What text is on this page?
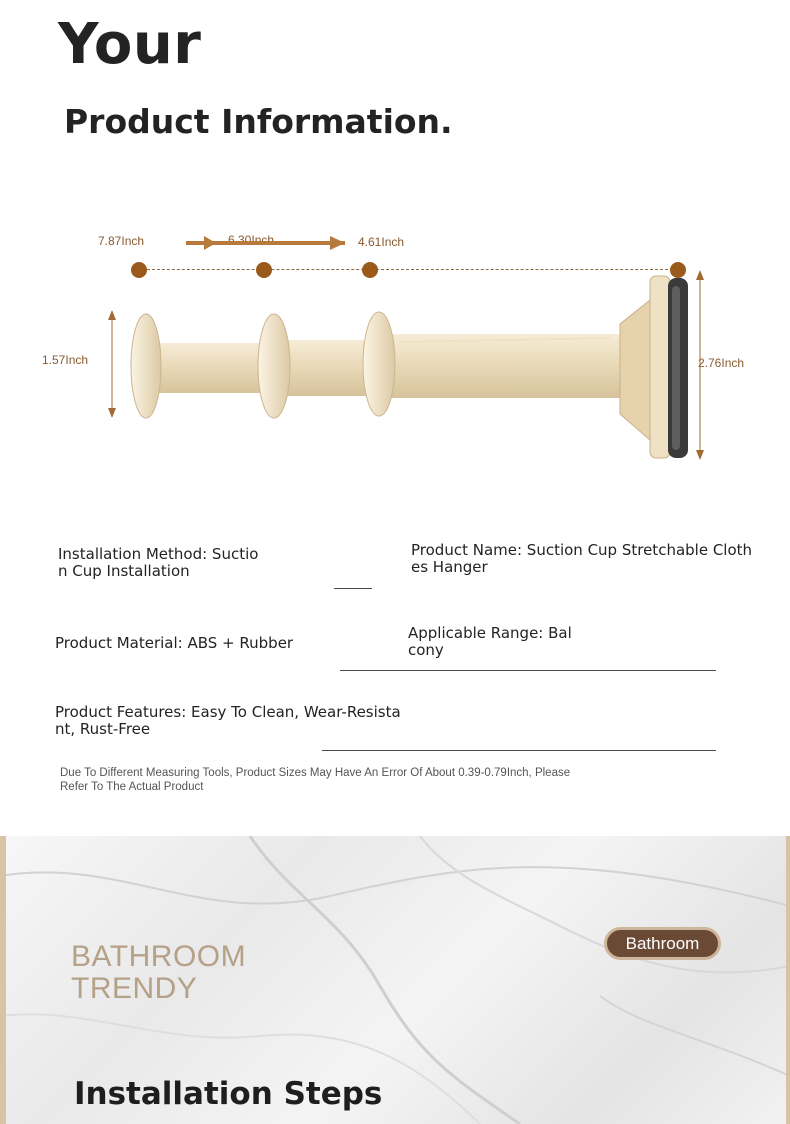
Your
Product Information.
7.87Inch	6.30Inch	4.61Inch
1.57Inch	2.76Inch
Installation Method: Suctio
n Cup Installation
Product Name: Suction Cup Stretchable Cloth
es Hanger
Product Material: ABS + Rubber
Applicable Range: Bal
cony
Product Features: Easy To Clean, Wear-Resista
nt, Rust-Free
Due To Different Measuring Tools, Product Sizes May Have An Error Of About 0.39-0.79Inch, Please
Refer To The Actual Product
BATHROOM
TRENDY
Bathroom
Installation Steps
